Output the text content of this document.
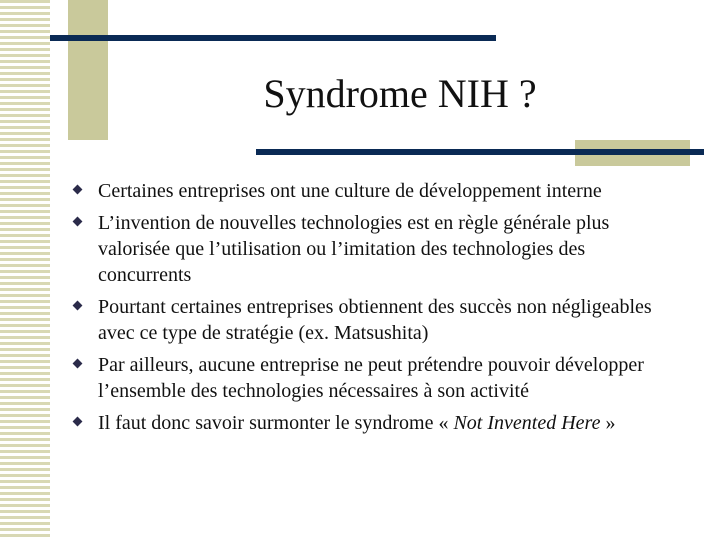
Syndrome NIH ?
Certaines entreprises ont une culture de développement interne
L’invention de nouvelles technologies est en règle générale plus valorisée que l’utilisation ou l’imitation des technologies des concurrents
Pourtant certaines entreprises obtiennent des succès non négligeables avec ce type de stratégie (ex. Matsushita)
Par ailleurs, aucune entreprise ne peut prétendre pouvoir développer l’ensemble des technologies nécessaires à son activité
Il faut donc savoir surmonter le syndrome « Not Invented Here »
